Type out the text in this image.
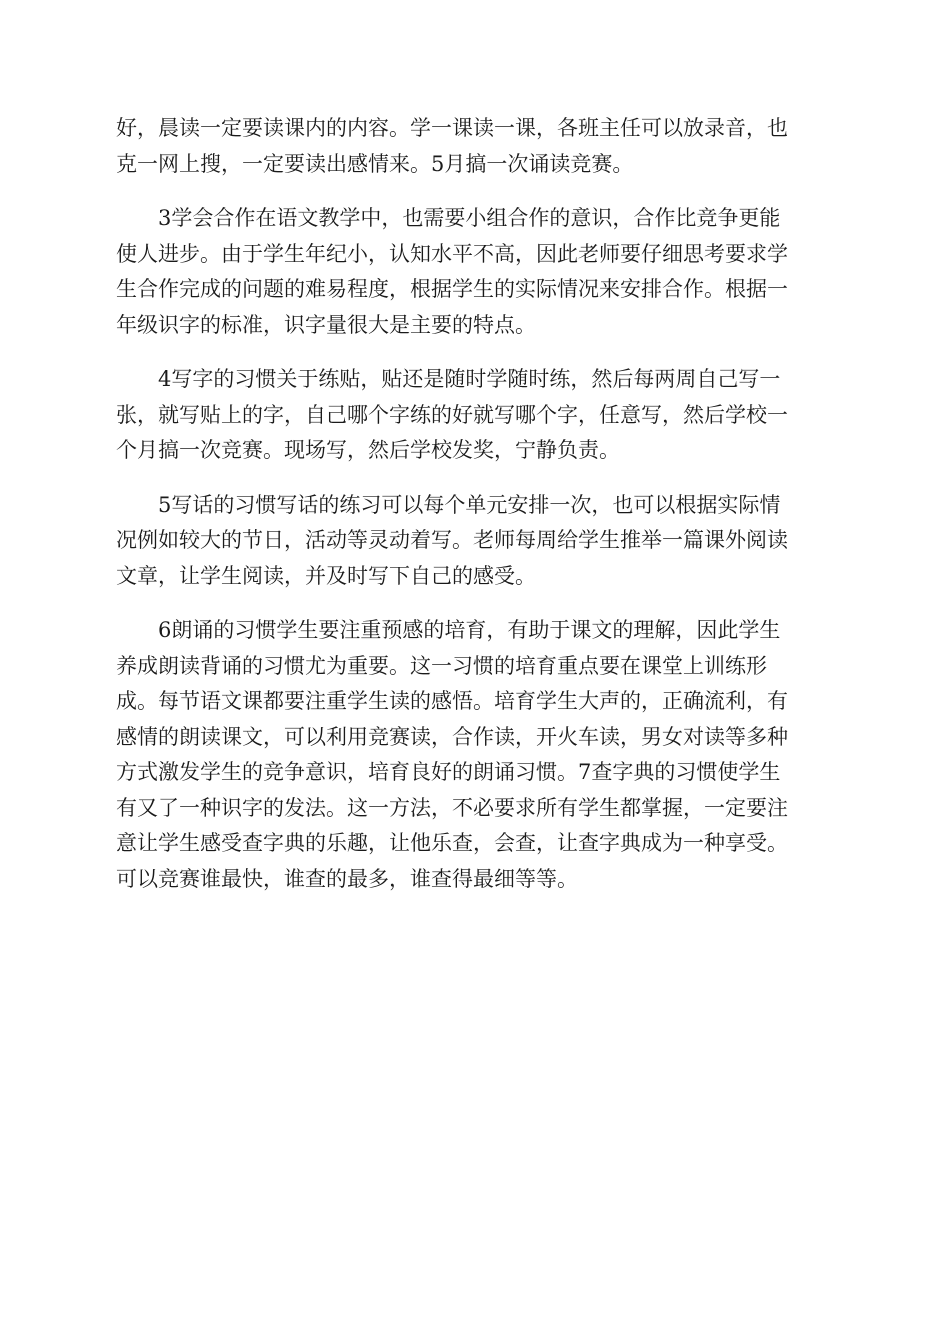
好，晨读一定要读课内的内容。学一课读一课，各班主任可以放录音，也
克一网上搜，一定要读出感情来。5月搞一次诵读竞赛。
3学会合作在语文教学中，也需要小组合作的意识，合作比竞争更能
使人进步。由于学生年纪小，认知水平不高，因此老师要仔细思考要求学
生合作完成的问题的难易程度，根据学生的实际情况来安排合作。根据一
年级识字的标准，识字量很大是主要的特点。
4写字的习惯关于练贴，贴还是随时学随时练，然后每两周自己写一
张，就写贴上的字，自己哪个字练的好就写哪个字，任意写，然后学校一
个月搞一次竞赛。现场写，然后学校发奖，宁静负责。
5写话的习惯写话的练习可以每个单元安排一次，也可以根据实际情
况例如较大的节日，活动等灵动着写。老师每周给学生推举一篇课外阅读
文章，让学生阅读，并及时写下自己的感受。
6朗诵的习惯学生要注重预感的培育，有助于课文的理解，因此学生
养成朗读背诵的习惯尤为重要。这一习惯的培育重点要在课堂上训练形
成。每节语文课都要注重学生读的感悟。培育学生大声的，正确流利，有
感情的朗读课文，可以利用竞赛读，合作读，开火车读，男女对读等多种
方式激发学生的竞争意识，培育良好的朗诵习惯。7查字典的习惯使学生
有又了一种识字的发法。这一方法，不必要求所有学生都掌握，一定要注
意让学生感受查字典的乐趣，让他乐查，会查，让查字典成为一种享受。
可以竞赛谁最快，谁查的最多，谁查得最细等等。
